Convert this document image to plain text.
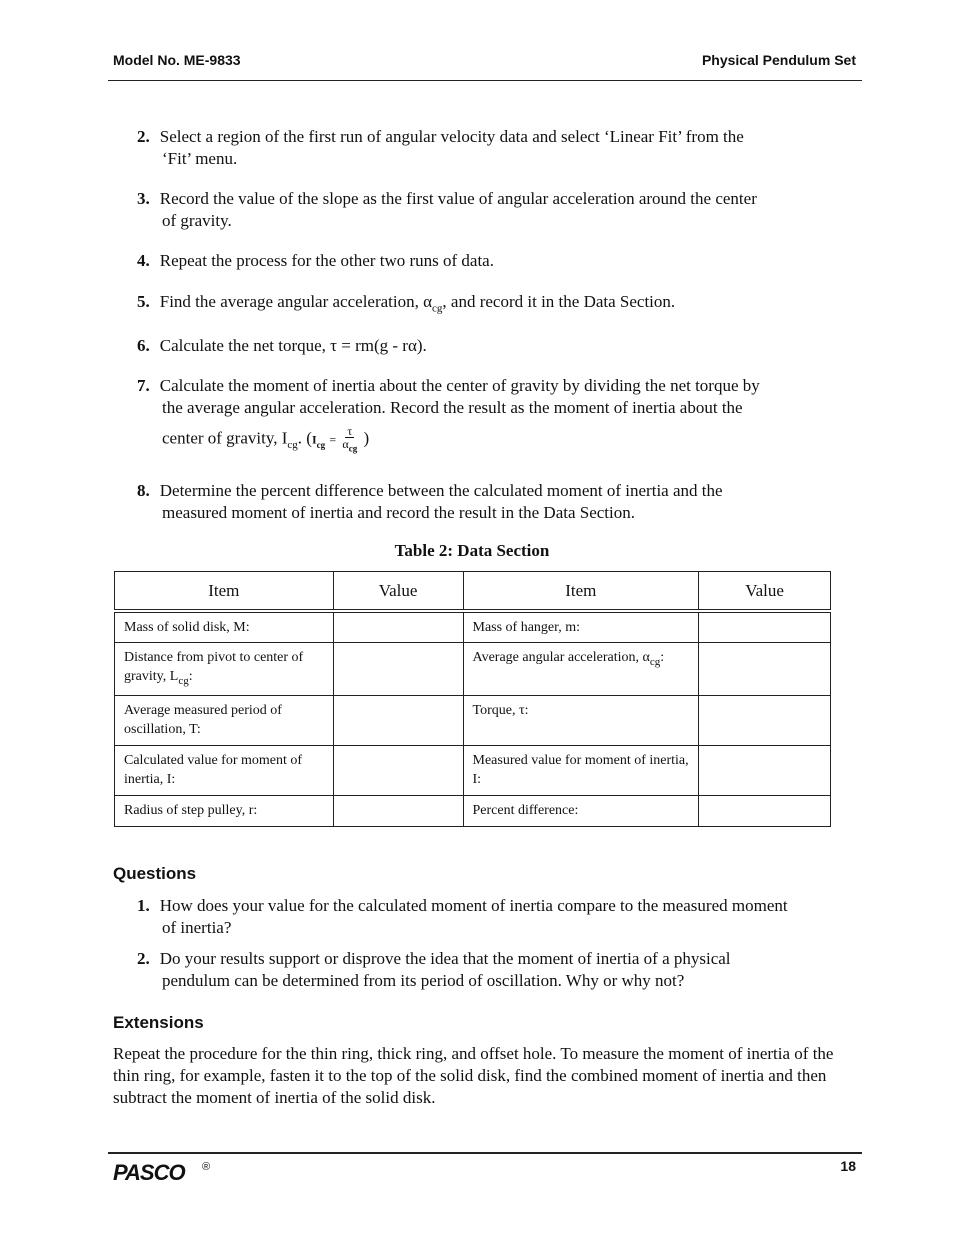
Model No. ME-9833	Physical Pendulum Set
2. Select a region of the first run of angular velocity data and select ‘Linear Fit’ from the
‘Fit’ menu.
3. Record the value of the slope as the first value of angular acceleration around the center
of gravity.
4. Repeat the process for the other two runs of data.
5. Find the average angular acceleration, $\alpha_{cg}$, and record it in the Data Section.
6. Calculate the net torque, τ = rm(g - rα).
7. Calculate the moment of inertia about the center of gravity by dividing the net torque by
the average angular acceleration. Record the result as the moment of inertia about the
center of gravity, $I_{cg}$. ($I_{cg} = \frac{\tau}{\alpha_{cg}}$ )
8. Determine the percent difference between the calculated moment of inertia and the
measured moment of inertia and record the result in the Data Section.
Table 2: Data Section
Item	Value	Item	Value
Mass of solid disk, M:		Mass of hanger, m:	
Distance from pivot to center of gravity, $L_{cg}$:		Average angular acceleration, $\alpha_{cg}$:	
Average measured period of oscillation, T:		Torque, τ:	
Calculated value for moment of inertia, I:		Measured value for moment of inertia, I:	
Radius of step pulley, r:		Percent difference:	
Questions
1. How does your value for the calculated moment of inertia compare to the measured moment
of inertia?
2. Do your results support or disprove the idea that the moment of inertia of a physical
pendulum can be determined from its period of oscillation. Why or why not?
Extensions
Repeat the procedure for the thin ring, thick ring, and offset hole. To measure the moment of inertia of the thin ring, for example, fasten it to the top of the solid disk, find the combined moment of inertia and then subtract the moment of inertia of the solid disk.
PASCO ®	18
